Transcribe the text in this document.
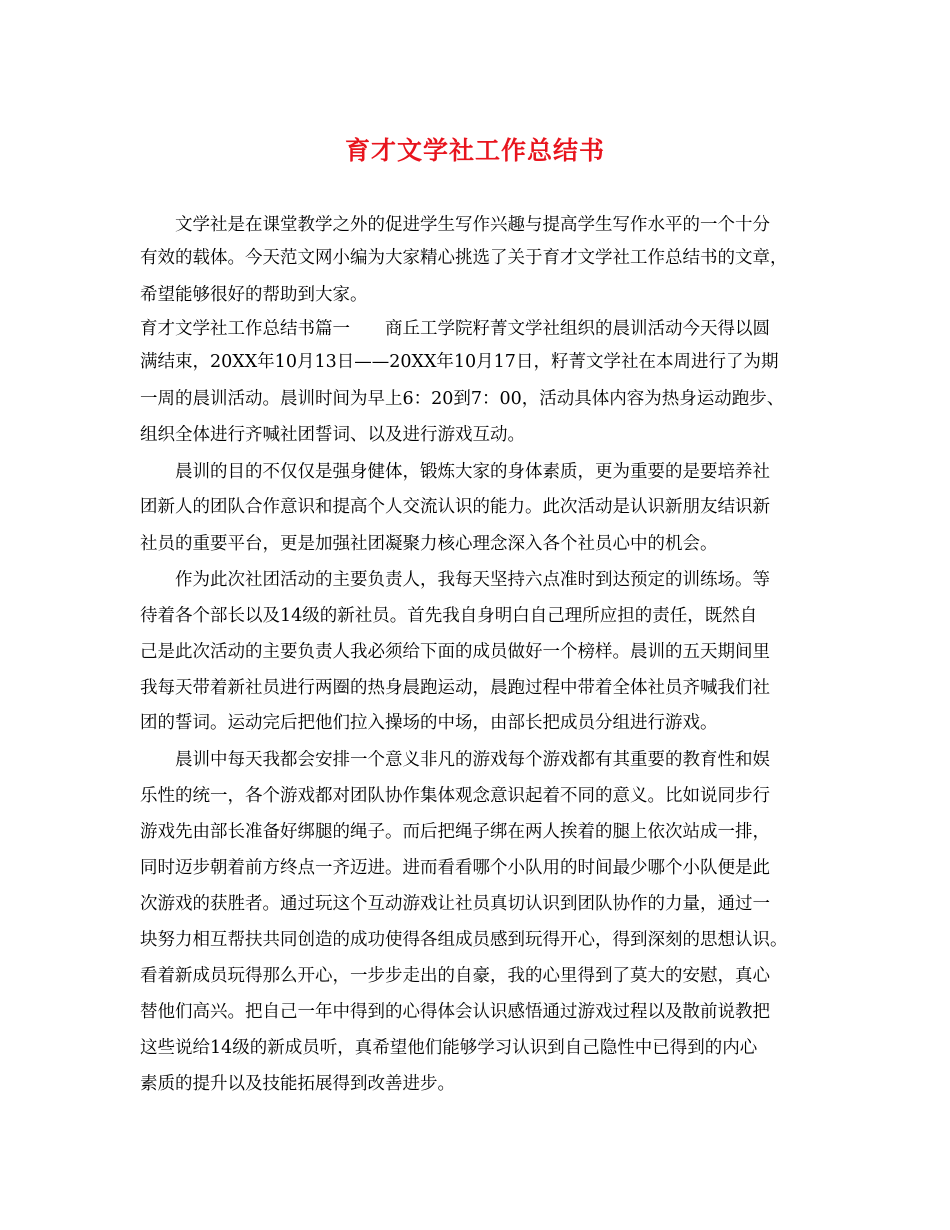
育才文学社工作总结书
　　文学社是在课堂教学之外的促进学生写作兴趣与提高学生写作水平的一个十分
有效的载体。今天范文网小编为大家精心挑选了关于育才文学社工作总结书的文章，
希望能够很好的帮助到大家。
育才文学社工作总结书篇一　　商丘工学院籽菁文学社组织的晨训活动今天得以圆
满结束，20XX年10月13日——20XX年10月17日，籽菁文学社在本周进行了为期
一周的晨训活动。晨训时间为早上6：20到7：00，活动具体内容为热身运动跑步、
组织全体进行齐喊社团誓词、以及进行游戏互动。
　　晨训的目的不仅仅是强身健体，锻炼大家的身体素质，更为重要的是要培养社
团新人的团队合作意识和提高个人交流认识的能力。此次活动是认识新朋友结识新
社员的重要平台，更是加强社团凝聚力核心理念深入各个社员心中的机会。
　　作为此次社团活动的主要负责人，我每天坚持六点准时到达预定的训练场。等
待着各个部长以及14级的新社员。首先我自身明白自己理所应担的责任，既然自
己是此次活动的主要负责人我必须给下面的成员做好一个榜样。晨训的五天期间里
我每天带着新社员进行两圈的热身晨跑运动，晨跑过程中带着全体社员齐喊我们社
团的誓词。运动完后把他们拉入操场的中场，由部长把成员分组进行游戏。
　　晨训中每天我都会安排一个意义非凡的游戏每个游戏都有其重要的教育性和娱
乐性的统一，各个游戏都对团队协作集体观念意识起着不同的意义。比如说同步行
游戏先由部长准备好绑腿的绳子。而后把绳子绑在两人挨着的腿上依次站成一排，
同时迈步朝着前方终点一齐迈进。进而看看哪个小队用的时间最少哪个小队便是此
次游戏的获胜者。通过玩这个互动游戏让社员真切认识到团队协作的力量，通过一
块努力相互帮扶共同创造的成功使得各组成员感到玩得开心，得到深刻的思想认识。
看着新成员玩得那么开心，一步步走出的自豪，我的心里得到了莫大的安慰，真心
替他们高兴。把自己一年中得到的心得体会认识感悟通过游戏过程以及散前说教把
这些说给14级的新成员听，真希望他们能够学习认识到自己隐性中已得到的内心
素质的提升以及技能拓展得到改善进步。
